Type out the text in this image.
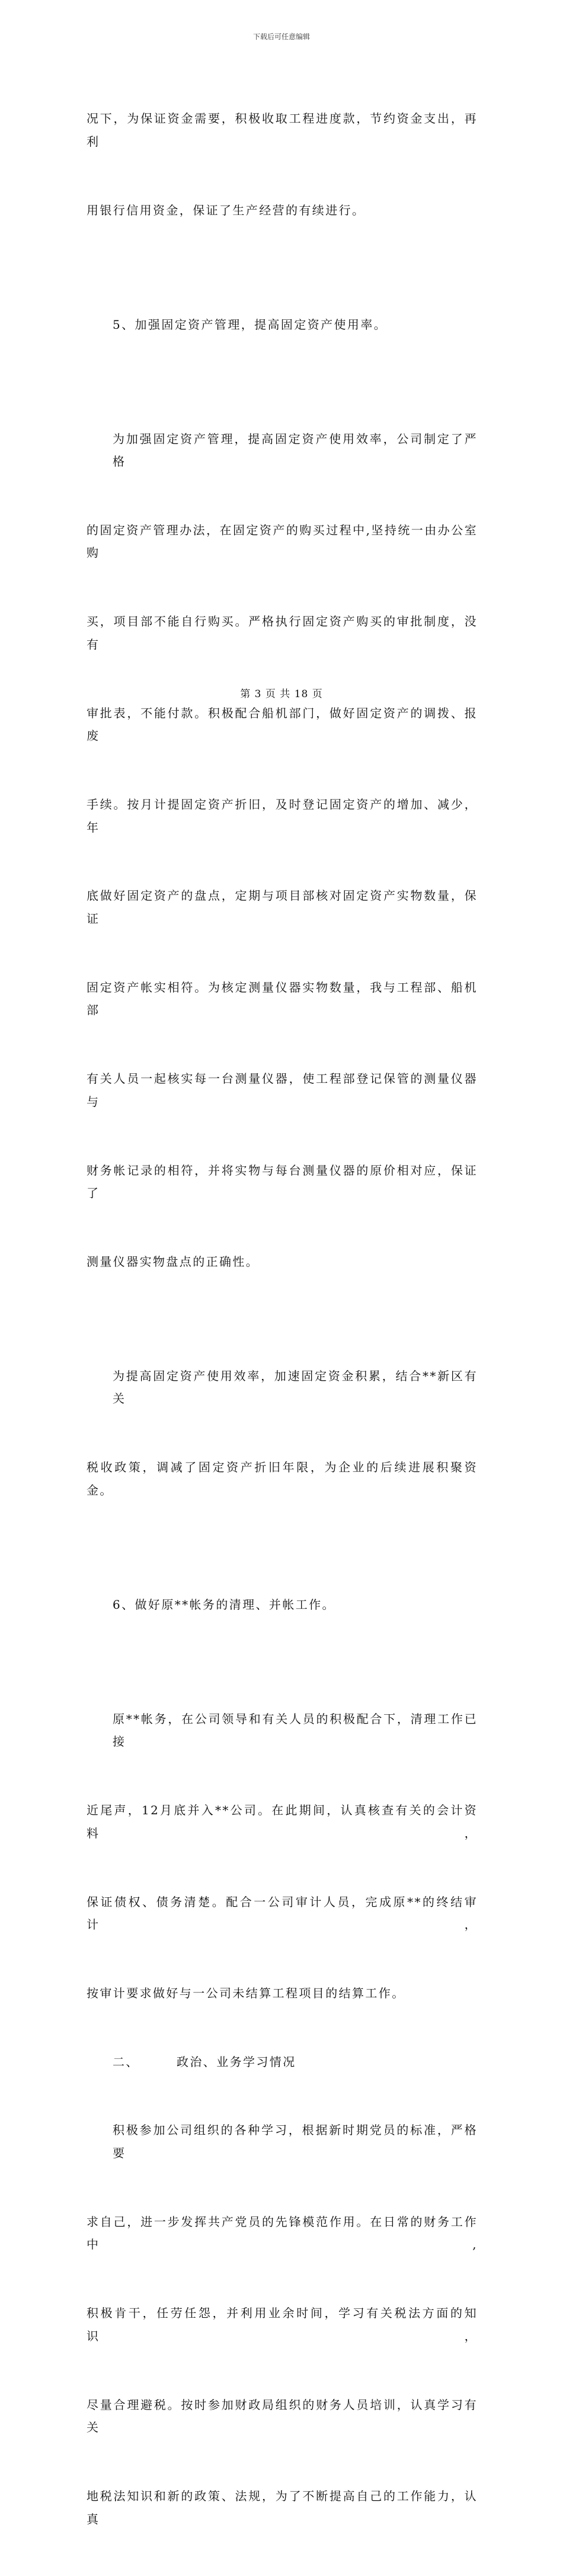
下载后可任意编辑

况下，为保证资金需要，积极收取工程进度款，节约资金支出，再利

用银行信用资金，保证了生产经营的有续进行。

5、加强固定资产管理，提高固定资产使用率。

为加强固定资产管理，提高固定资产使用效率，公司制定了严格

的固定资产管理办法，在固定资产的购买过程中,坚持统一由办公室购

买，项目部不能自行购买。严格执行固定资产购买的审批制度，没有

审批表，不能付款。积极配合船机部门，做好固定资产的调拨、报废

手续。按月计提固定资产折旧，及时登记固定资产的增加、减少，年

底做好固定资产的盘点，定期与项目部核对固定资产实物数量，保证

固定资产帐实相符。为核定测量仪器实物数量，我与工程部、船机部

有关人员一起核实每一台测量仪器，使工程部登记保管的测量仪器与

财务帐记录的相符，并将实物与每台测量仪器的原价相对应，保证了

测量仪器实物盘点的正确性。

为提高固定资产使用效率，加速固定资金积累，结合**新区有关

税收政策，调减了固定资产折旧年限，为企业的后续进展积聚资金。

6、做好原**帐务的清理、并帐工作。

原**帐务，在公司领导和有关人员的积极配合下，清理工作已接

近尾声，12月底并入**公司。在此期间，认真核查有关的会计资料，

保证债权、债务清楚。配合一公司审计人员，完成原**的终结审计，

按审计要求做好与一公司未结算工程项目的结算工作。

二、	政治、业务学习情况

积极参加公司组织的各种学习，根据新时期党员的标准，严格要

求自己，进一步发挥共产党员的先锋模范作用。在日常的财务工作中,

积极肯干，任劳任怨，并利用业余时间，学习有关税法方面的知识，

尽量合理避税。按时参加财政局组织的财务人员培训，认真学习有关

地税法知识和新的政策、法规，为了不断提高自己的工作能力，认真

第 3 页 共 18 页
